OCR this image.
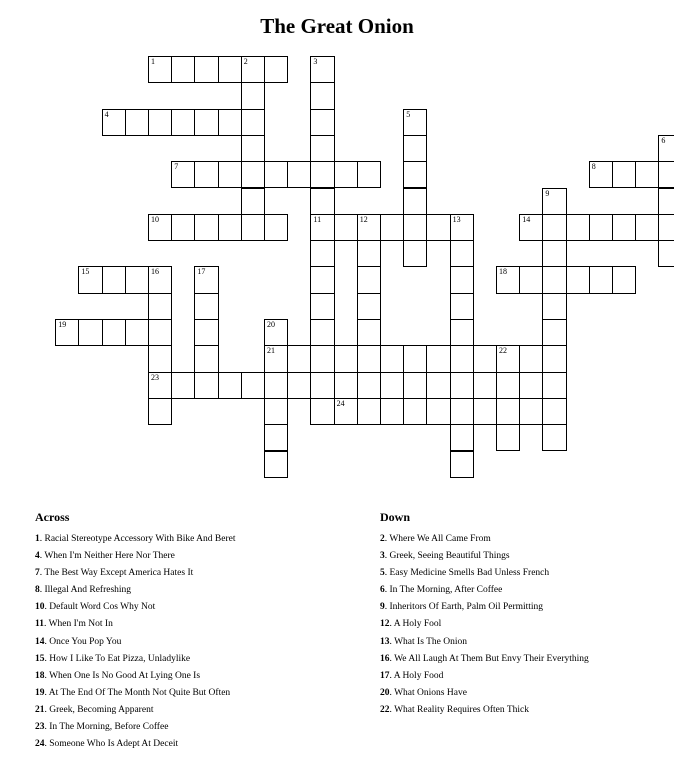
The Great Onion
1	2	3
11
4	5
6
7	8
9
10	12	13	14
15	16
23
17	18
19	20
21	22
24
Across
1. Racial Stereotype Accessory With Bike And Beret
4. When I'm Neither Here Nor There
7. The Best Way Except America Hates It
8. Illegal And Refreshing
10. Default Word Cos Why Not
11. When I'm Not In
14. Once You Pop You
15. How I Like To Eat Pizza, Unladylike
18. When One Is No Good At Lying One Is
19. At The End Of The Month Not Quite But Often
21. Greek, Becoming Apparent
23. In The Morning, Before Coffee
24. Someone Who Is Adept At Deceit
Down
2. Where We All Came From
3. Greek, Seeing Beautiful Things
5. Easy Medicine Smells Bad Unless French
6. In The Morning, After Coffee
9. Inheritors Of Earth, Palm Oil Permitting
12. A Holy Fool
13. What Is The Onion
16. We All Laugh At Them But Envy Their Everything
17. A Holy Food
20. What Onions Have
22. What Reality Requires Often Thick
